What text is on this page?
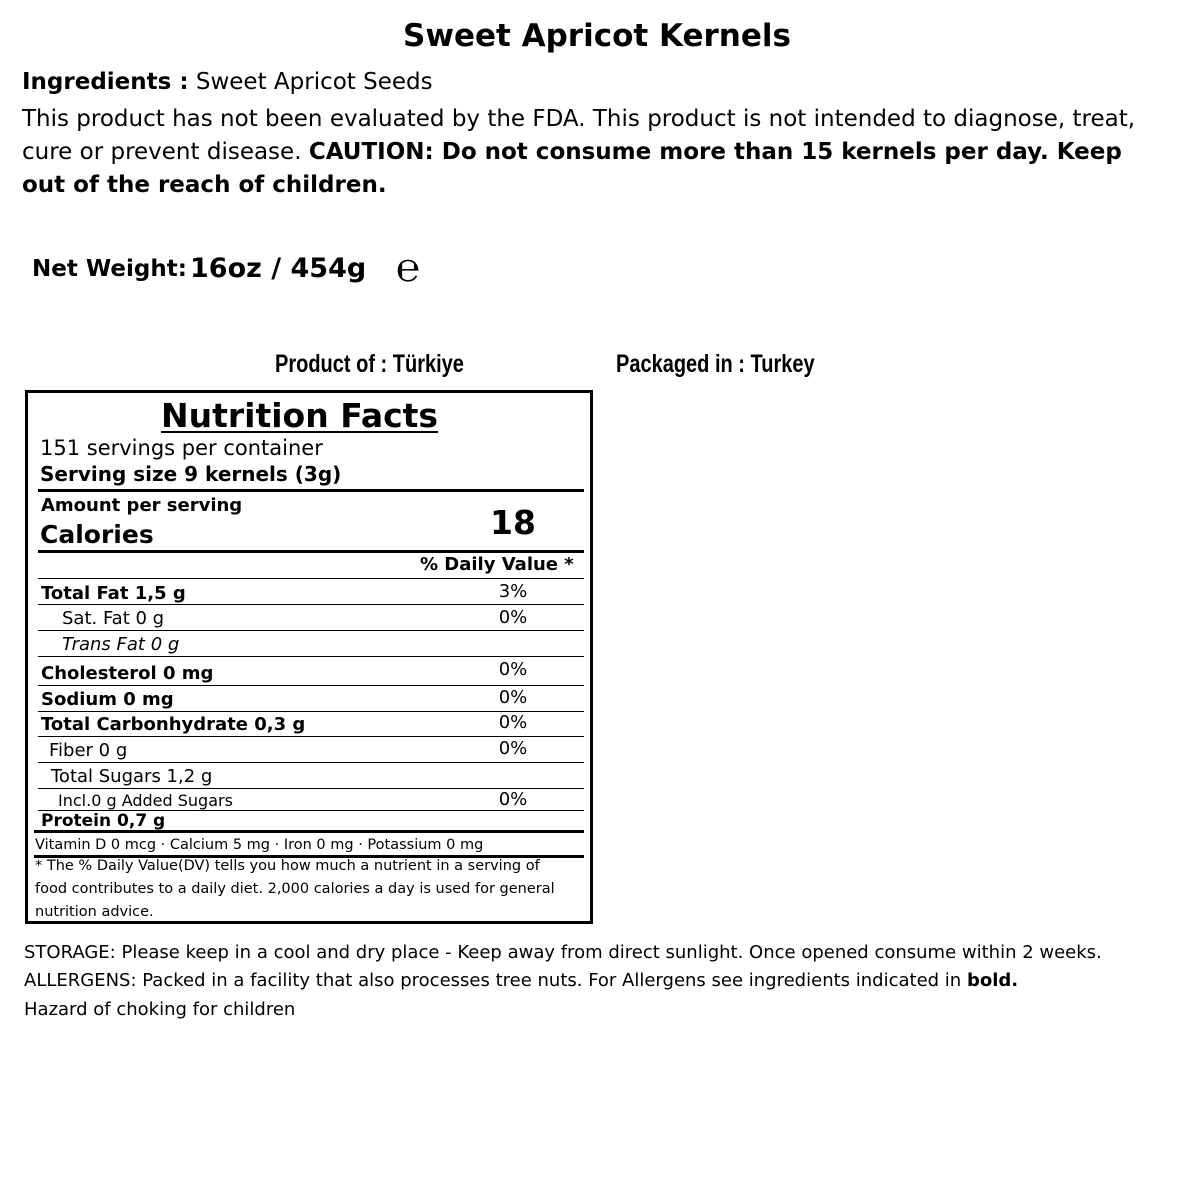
Sweet Apricot Kernels
Ingredients : Sweet Apricot Seeds
This product has not been evaluated by the FDA. This product is not intended to diagnose, treat, cure or prevent disease. CAUTION: Do not consume more than 15 kernels per day. Keep out of the reach of children.
Net Weight: 16oz / 454g ℮
Product of : Türkiye	Packaged in : Turkey
Nutrition Facts
151 servings per container
Serving size 9 kernels (3g)
Amount per serving
Calories	18
% Daily Value *
Total Fat 1,5 g	3%
Sat. Fat 0 g	0%
Trans Fat 0 g
Cholesterol 0 mg	0%
Sodium 0 mg	0%
Total Carbonhydrate 0,3 g	0%
Fiber 0 g	0%
Total Sugars 1,2 g
Incl.0 g Added Sugars	0%
Protein 0,7 g
Vitamin D 0 mcg · Calcium 5 mg · Iron 0 mg · Potassium 0 mg
* The % Daily Value(DV) tells you how much a nutrient in a serving of
food contributes to a daily diet. 2,000 calories a day is used for general
nutrition advice.
STORAGE: Please keep in a cool and dry place - Keep away from direct sunlight. Once opened consume within 2 weeks.
ALLERGENS: Packed in a facility that also processes tree nuts. For Allergens see ingredients indicated in bold.
Hazard of choking for children
